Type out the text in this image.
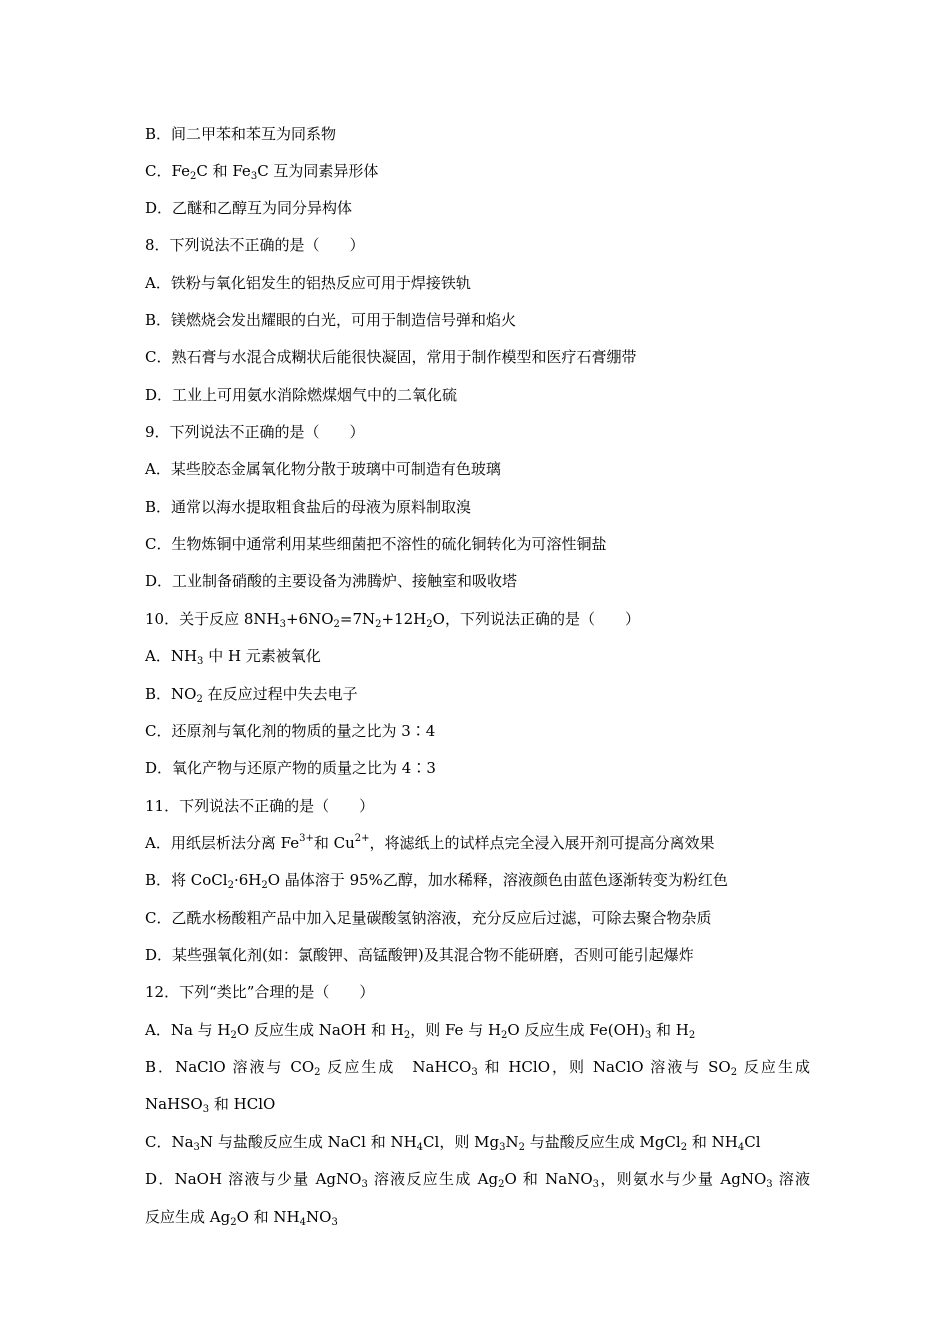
B．间二甲苯和苯互为同系物

C．$Fe_2C$ 和 $Fe_3C$ 互为同素异形体

D．乙醚和乙醇互为同分异构体

8．下列说法不正确的是（　　）

A．铁粉与氧化铝发生的铝热反应可用于焊接铁轨

B．镁燃烧会发出耀眼的白光，可用于制造信号弹和焰火

C．熟石膏与水混合成糊状后能很快凝固，常用于制作模型和医疗石膏绷带

D．工业上可用氨水消除燃煤烟气中的二氧化硫

9．下列说法不正确的是（　　）

A．某些胶态金属氧化物分散于玻璃中可制造有色玻璃

B．通常以海水提取粗食盐后的母液为原料制取溴

C．生物炼铜中通常利用某些细菌把不溶性的硫化铜转化为可溶性铜盐

D．工业制备硝酸的主要设备为沸腾炉、接触室和吸收塔

10．关于反应 $8NH_3+6NO_2=7N_2+12H_2O$，下列说法正确的是（　　）

A．$NH_3$ 中 H 元素被氧化

B．$NO_2$ 在反应过程中失去电子

C．还原剂与氧化剂的物质的量之比为 3∶4

D．氧化产物与还原产物的质量之比为 4∶3

11．下列说法不正确的是（　　）

A．用纸层析法分离 $Fe^{3+}$和 $Cu^{2+}$，将滤纸上的试样点完全浸入展开剂可提高分离效果

B．将 $CoCl_2\cdot 6H_2O$ 晶体溶于 95%乙醇，加水稀释，溶液颜色由蓝色逐渐转变为粉红色

C．乙酰水杨酸粗产品中加入足量碳酸氢钠溶液，充分反应后过滤，可除去聚合物杂质

D．某些强氧化剂(如：氯酸钾、高锰酸钾)及其混合物不能研磨，否则可能引起爆炸

12．下列“类比”合理的是（　　）

A．Na 与 $H_2O$ 反应生成 NaOH 和 $H_2$，则 Fe 与 $H_2O$ 反应生成 $Fe(OH)_3$ 和 $H_2$

B．NaClO 溶液与 $CO_2$ 反应生成　NaHCO$_3$ 和 HClO，则 NaClO 溶液与 $SO_2$ 反应生成

NaHSO$_3$ 和 HClO

C．$Na_3N$ 与盐酸反应生成 NaCl 和 $NH_4Cl$，则 $Mg_3N_2$ 与盐酸反应生成 MgCl$_2$ 和 $NH_4Cl$

D．NaOH 溶液与少量 AgNO$_3$ 溶液反应生成 $Ag_2O$ 和 NaNO$_3$，则氨水与少量 AgNO$_3$ 溶液

反应生成 $Ag_2O$ 和 $NH_4NO_3$
